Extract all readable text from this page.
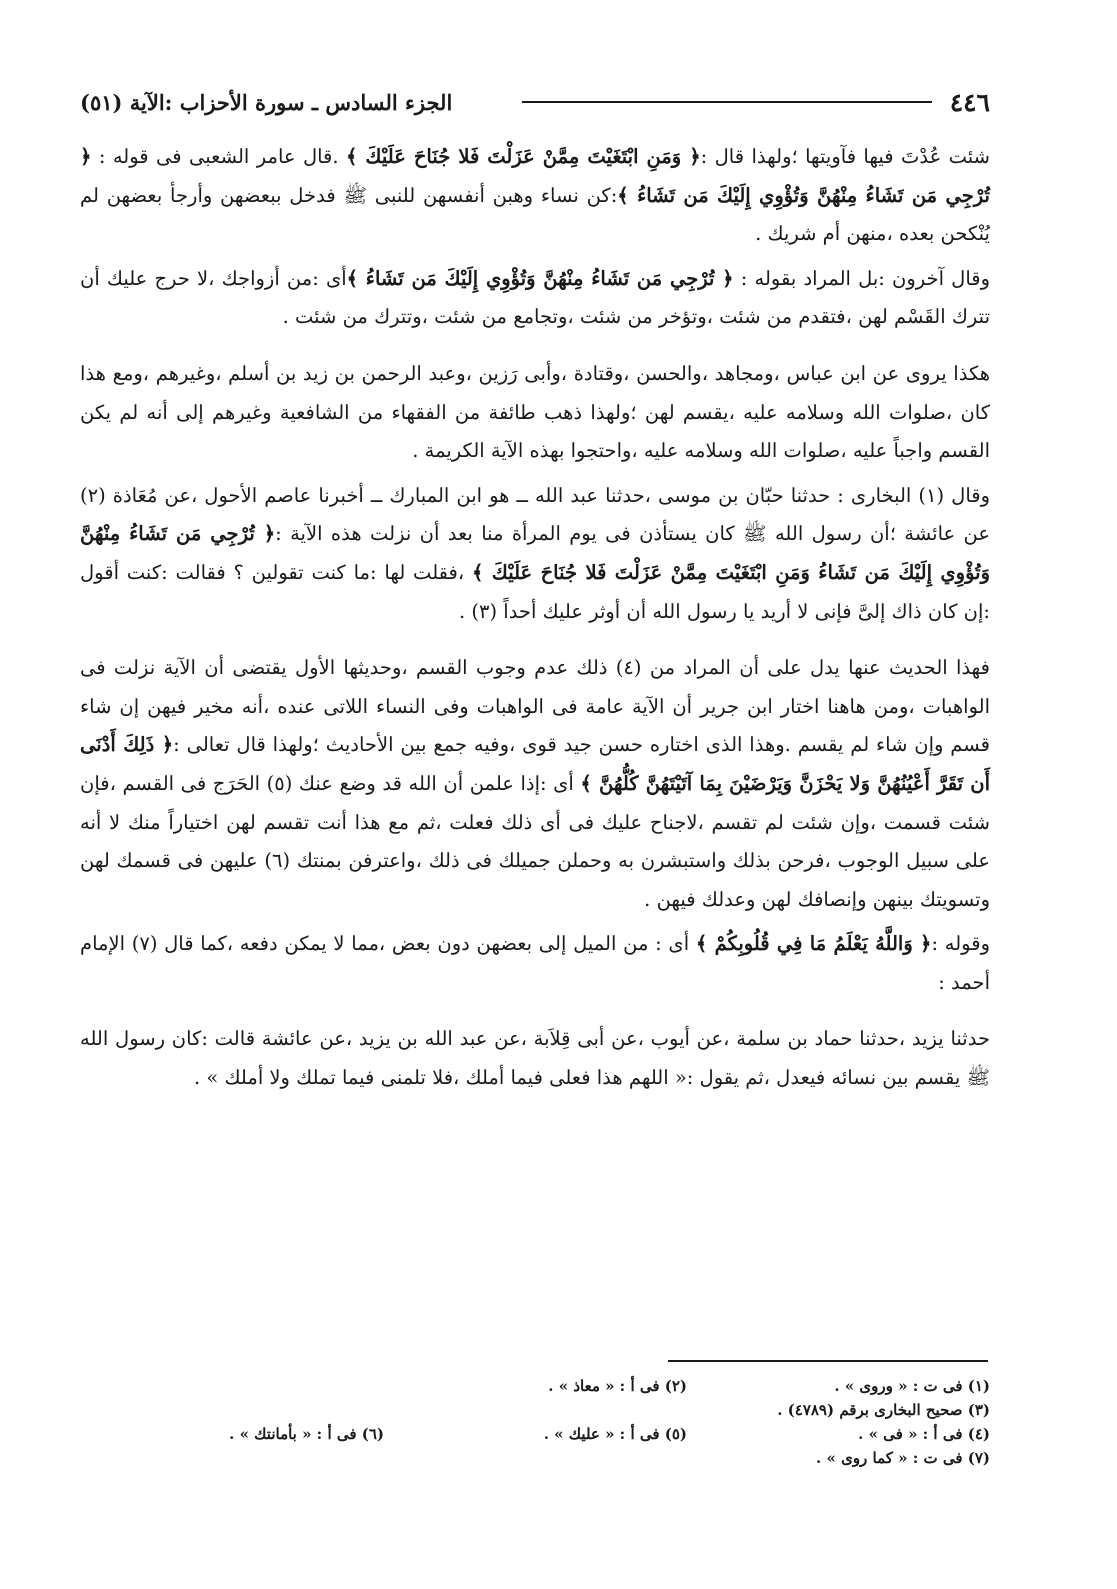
٤٤٦
الجزء السادس ـ سورة الأحزاب :الآية (٥١)

شئت عُدْتَ فيها فآويتها ؛ولهذا قال :﴿ وَمَنِ ابْتَغَيْتَ مِمَّنْ عَزَلْتَ فَلا جُنَاحَ عَلَيْكَ ﴾ .قال عامر الشعبى فى قوله : ﴿ تُرْجِي مَن تَشَاءُ مِنْهُنَّ وَتُؤْوِي إِلَيْكَ مَن تَشَاءُ ﴾:كن نساء وهبن أنفسهن للنبى ﷺ فدخل ببعضهن وأرجأ بعضهن لم يُنْكحن بعده ،منهن أم شريك .

وقال آخرون :بل المراد بقوله : ﴿ تُرْجِي مَن تَشَاءُ مِنْهُنَّ وَتُؤْوِي إِلَيْكَ مَن تَشَاءُ ﴾أى :من أزواجك ،لا حرج عليك أن تترك القَسْم لهن ،فتقدم من شئت ،وتؤخر من شئت ،وتجامع من شئت ،وتترك من شئت .

هكذا يروى عن ابن عباس ،ومجاهد ،والحسن ،وقتادة ،وأبى رَزين ،وعبد الرحمن بن زيد بن أسلم ،وغيرهم ،ومع هذا كان ،صلوات الله وسلامه عليه ،يقسم لهن ؛ولهذا ذهب طائفة من الفقهاء من الشافعية وغيرهم إلى أنه لم يكن القسم واجباً عليه ،صلوات الله وسلامه عليه ،واحتجوا بهذه الآية الكريمة .

وقال (١) البخارى : حدثنا حبّان بن موسى ،حدثنا عبد الله ــ هو ابن المبارك ــ أخبرنا عاصم الأحول ،عن مُعَاذة (٢) عن عائشة ؛أن رسول الله ﷺ كان يستأذن فى يوم المرأة منا بعد أن نزلت هذه الآية :﴿ تُرْجِي مَن تَشَاءُ مِنْهُنَّ وَتُؤْوِي إِلَيْكَ مَن تَشَاءُ وَمَنِ ابْتَغَيْتَ مِمَّنْ عَزَلْتَ فَلا جُنَاحَ عَلَيْكَ ﴾ ،فقلت لها :ما كنت تقولين ؟ فقالت :كنت أقول :إن كان ذاك إلىَّ فإنى لا أريد يا رسول الله أن أوثر عليك أحداً (٣) .

فهذا الحديث عنها يدل على أن المراد من (٤) ذلك عدم وجوب القسم ،وحديثها الأول يقتضى أن الآية نزلت فى الواهبات ،ومن هاهنا اختار ابن جرير أن الآية عامة فى الواهبات وفى النساء اللاتى عنده ،أنه مخير فيهن إن شاء قسم وإن شاء لم يقسم .وهذا الذى اختاره حسن جيد قوى ،وفيه جمع بين الأحاديث ؛ولهذا قال تعالى :﴿ ذَلِكَ أَدْنَى أَن تَقَرَّ أَعْيُنُهُنَّ وَلا يَحْزَنَّ وَيَرْضَيْنَ بِمَا آتَيْتَهُنَّ كُلُّهُنَّ ﴾ أى :إذا علمن أن الله قد وضع عنك (٥) الحَرَج فى القسم ،فإن شئت قسمت ،وإن شئت لم تقسم ،لاجناح عليك فى أى ذلك فعلت ،ثم مع هذا أنت تقسم لهن اختياراً منك لا أنه على سبيل الوجوب ،فرحن بذلك واستبشرن به وحملن جميلك فى ذلك ،واعترفن بمنتك (٦) عليهن فى قسمك لهن وتسويتك بينهن وإنصافك لهن وعدلك فيهن .

وقوله :﴿ وَاللَّهُ يَعْلَمُ مَا فِي قُلُوبِكُمْ ﴾ أى : من الميل إلى بعضهن دون بعض ،مما لا يمكن دفعه ،كما قال (٧) الإمام أحمد :

حدثنا يزيد ،حدثنا حماد بن سلمة ،عن أيوب ،عن أبى قِلاَبة ،عن عبد الله بن يزيد ،عن عائشة قالت :كان رسول الله ﷺ يقسم بين نسائه فيعدل ،ثم يقول :« اللهم هذا فعلى فيما أملك ،فلا تلمنى فيما تملك ولا أملك » .

(١) فى ت : « وروى » .
(٢) فى أ : « معاذ » .
(٣) صحيح البخارى برقم (٤٧٨٩) .
(٤) فى أ : « فى » .
(٥) فى أ : « عليك » .
(٦) فى أ : « بأمانتك » .
(٧) فى ت : « كما روى » .
